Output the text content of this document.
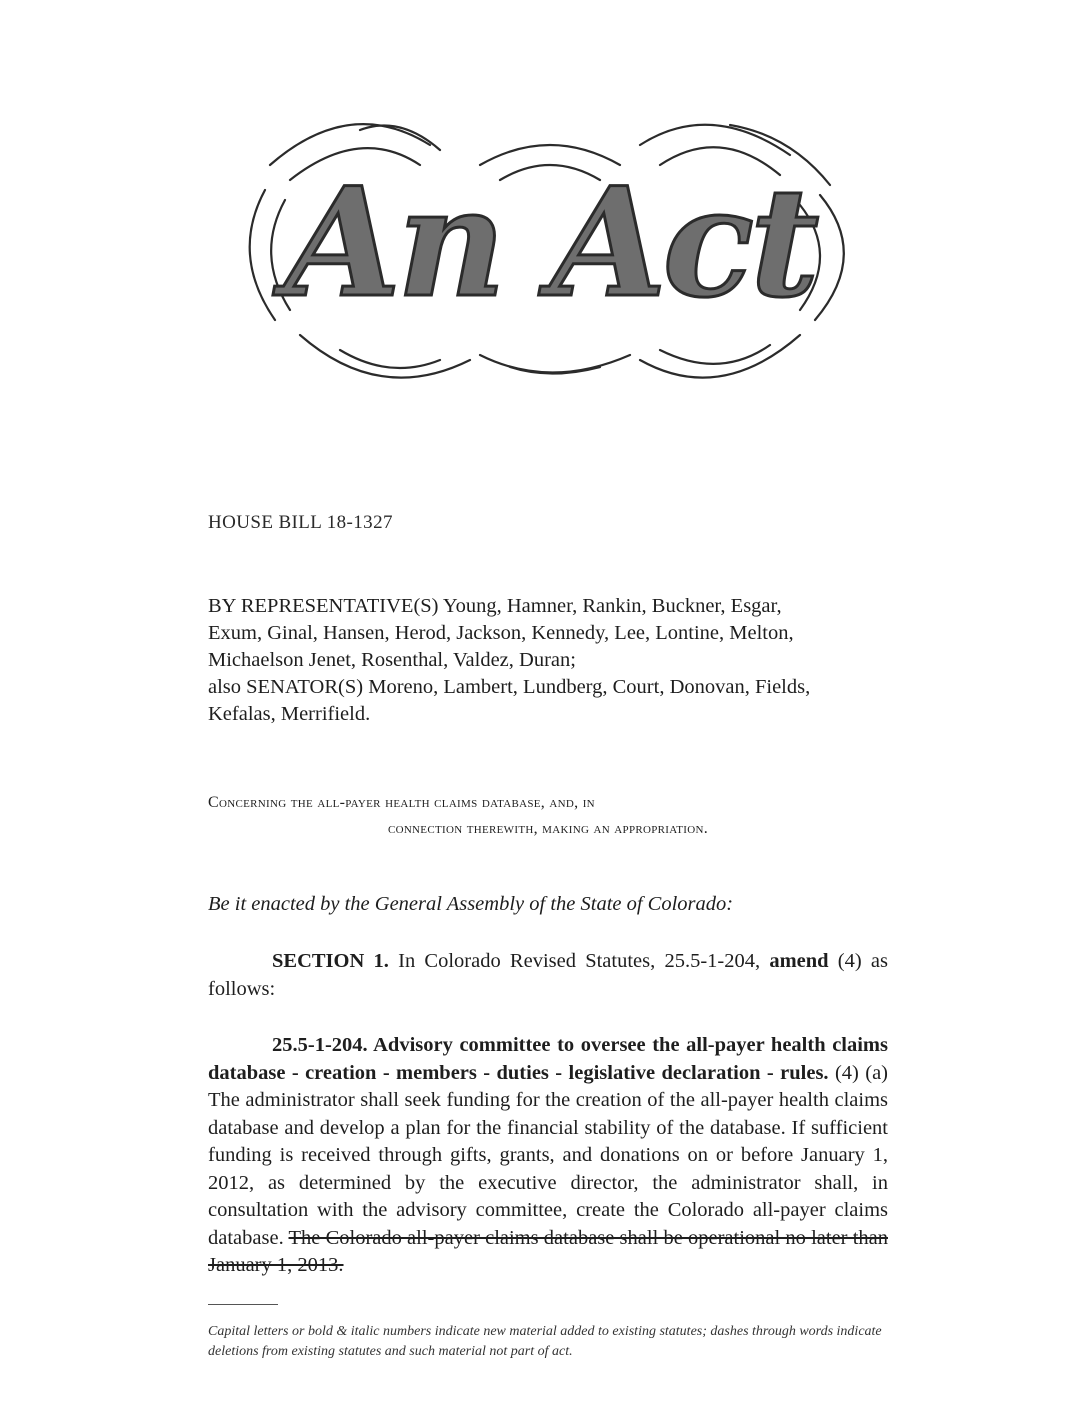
An Act
HOUSE BILL 18-1327
BY REPRESENTATIVE(S) Young, Hamner, Rankin, Buckner, Esgar,
Exum, Ginal, Hansen, Herod, Jackson, Kennedy, Lee, Lontine, Melton,
Michaelson Jenet, Rosenthal, Valdez, Duran;
also SENATOR(S) Moreno, Lambert, Lundberg, Court, Donovan, Fields,
Kefalas, Merrifield.
Concerning the all-payer health claims database, and, in
connection therewith, making an appropriation.
Be it enacted by the General Assembly of the State of Colorado:
SECTION 1. In Colorado Revised Statutes, 25.5-1-204, amend (4) as follows:
25.5-1-204. Advisory committee to oversee the all-payer health claims database - creation - members - duties - legislative declaration - rules. (4) (a) The administrator shall seek funding for the creation of the all-payer health claims database and develop a plan for the financial stability of the database. If sufficient funding is received through gifts, grants, and donations on or before January 1, 2012, as determined by the executive director, the administrator shall, in consultation with the advisory committee, create the Colorado all-payer claims database. The Colorado all-payer claims database shall be operational no later than January 1, 2013.
Capital letters or bold & italic numbers indicate new material added to existing statutes; dashes through words indicate deletions from existing statutes and such material not part of act.
